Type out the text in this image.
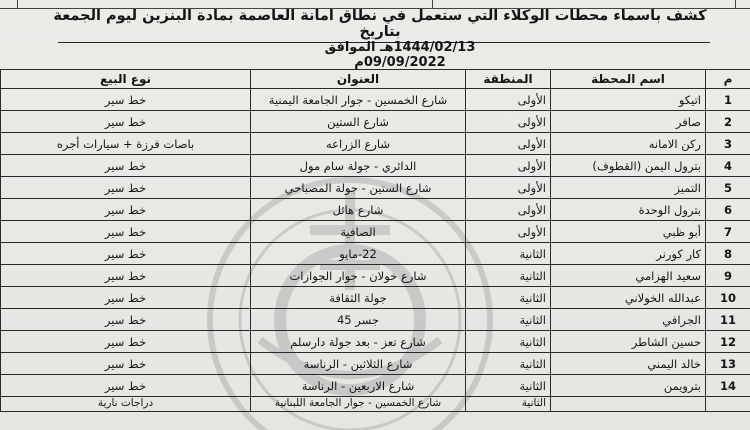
كشف باسماء محطات الوكلاء التي ستعمل في نطاق امانة العاصمة بمادة البنزين ليوم الجمعة بتاريخ
1444/02/13هـ الموافق 09/09/2022م
م	اسم المحطة	المنطقة	العنوان	نوع البيع
1	اتيكو	الأولى	شارع الخمسين - جوار الجامعة اليمنية	خط سير
2	صافر	الأولى	شارع الستين	خط سير
3	ركن الامانه	الأولى	شارع الزراعه	باصات فرزة + سيارات أجره
4	بترول اليمن (القطوف)	الأولى	الدائري - جولة سام مول	خط سير
5	التميز	الأولى	شارع الستين - جولة المصباحي	خط سير
6	بترول الوحدة	الأولى	شارع هائل	خط سير
7	أبو ظبي	الأولى	الصافية	خط سير
8	كار كورنر	الثانية	22-مايو	خط سير
9	سعيد الهزامي	الثانية	شارع خولان - جوار الجوازات	خط سير
10	عبدالله الخولاني	الثانية	جولة الثقافة	خط سير
11	الجرافي	الثانية	جسر 45	خط سير
12	حسين الشاطر	الثانية	شارع تعز - بعد جولة دارسلم	خط سير
13	خالد اليمني	الثانية	شارع الثلاثين - الرناسة	خط سير
14	بترويمن	الثانية	شارع الاربعين - الرناسة	خط سير
		الثانية	شارع الخمسين - جوار الجامعة اللبنانية	دراجات نارية
